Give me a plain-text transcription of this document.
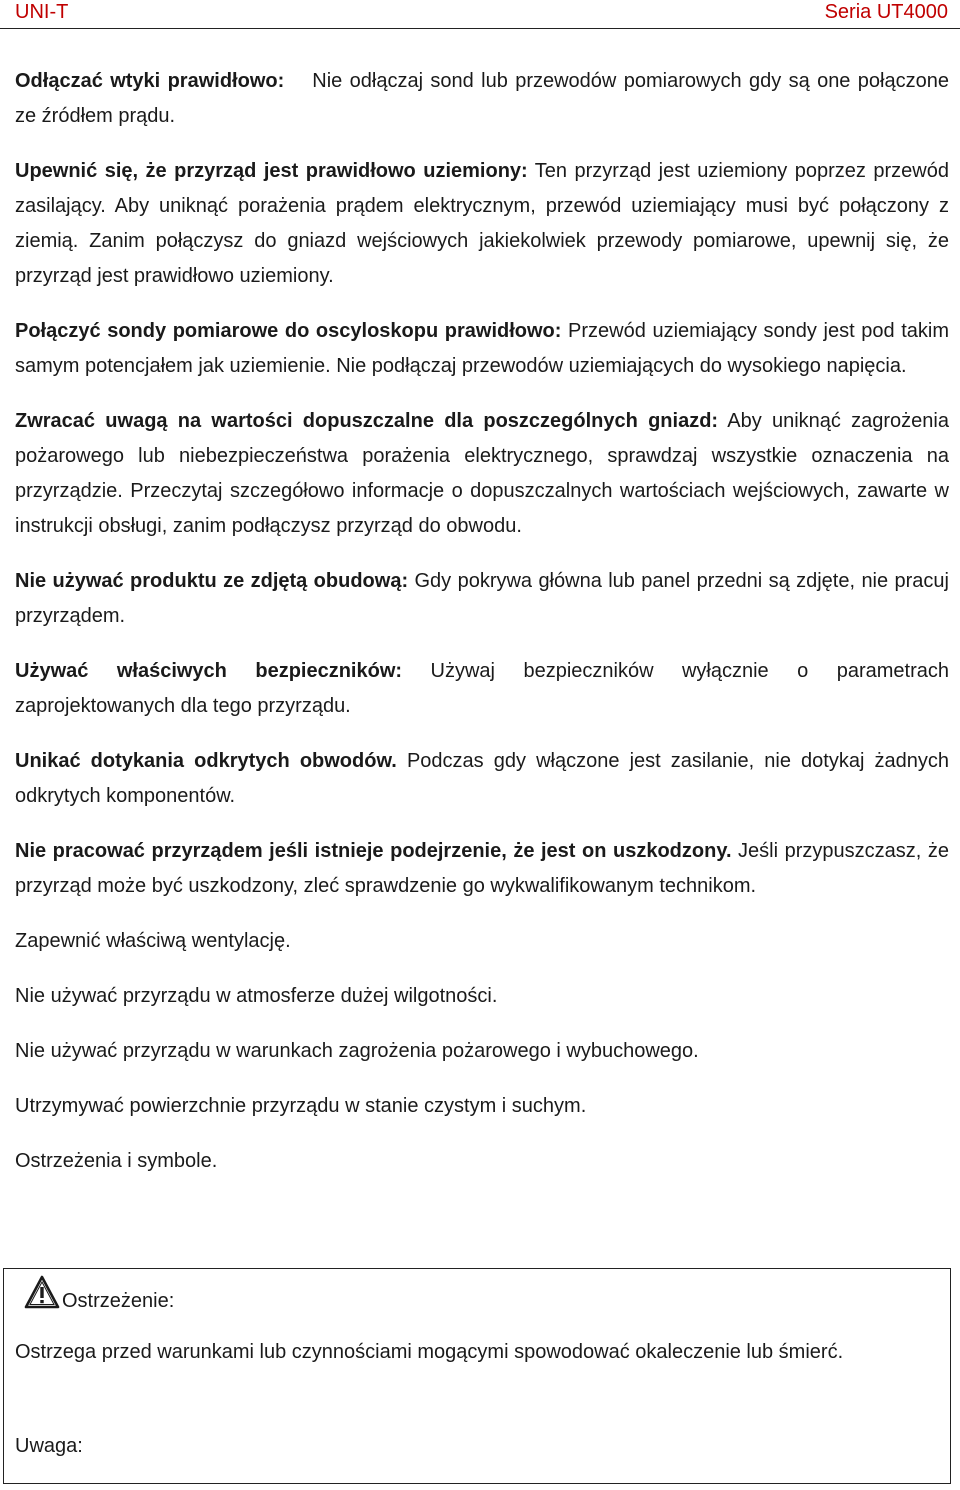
UNI-T	Seria UT4000

Odłączać wtyki prawidłowo: Nie odłączaj sond lub przewodów pomiarowych gdy są one połączone ze źródłem prądu.

Upewnić się, że przyrząd jest prawidłowo uziemiony: Ten przyrząd jest uziemiony poprzez przewód zasilający. Aby uniknąć porażenia prądem elektrycznym, przewód uziemiający musi być połączony z ziemią. Zanim połączysz do gniazd wejściowych jakiekolwiek przewody pomiarowe, upewnij się, że przyrząd jest prawidłowo uziemiony.

Połączyć sondy pomiarowe do oscyloskopu prawidłowo: Przewód uziemiający sondy jest pod takim samym potencjałem jak uziemienie. Nie podłączaj przewodów uziemiających do wysokiego napięcia.

Zwracać uwagą na wartości dopuszczalne dla poszczególnych gniazd: Aby uniknąć zagrożenia pożarowego lub niebezpieczeństwa porażenia elektrycznego, sprawdzaj wszystkie oznaczenia na przyrządzie. Przeczytaj szczegółowo informacje o dopuszczalnych wartościach wejściowych, zawarte w instrukcji obsługi, zanim podłączysz przyrząd do obwodu.

Nie używać produktu ze zdjętą obudową: Gdy pokrywa główna lub panel przedni są zdjęte, nie pracuj przyrządem.

Używać właściwych bezpieczników: Używaj bezpieczników wyłącznie o parametrach zaprojektowanych dla tego przyrządu.

Unikać dotykania odkrytych obwodów. Podczas gdy włączone jest zasilanie, nie dotykaj żadnych odkrytych komponentów.

Nie pracować przyrządem jeśli istnieje podejrzenie, że jest on uszkodzony. Jeśli przypuszczasz, że przyrząd może być uszkodzony, zleć sprawdzenie go wykwalifikowanym technikom.

Zapewnić właściwą wentylację.

Nie używać przyrządu w atmosferze dużej wilgotności.

Nie używać przyrządu w warunkach zagrożenia pożarowego i wybuchowego.

Utrzymywać powierzchnie przyrządu w stanie czystym i suchym.

Ostrzeżenia i symbole.

Ostrzeżenie:
Ostrzega przed warunkami lub czynnościami mogącymi spowodować okaleczenie lub śmierć.
Uwaga:
